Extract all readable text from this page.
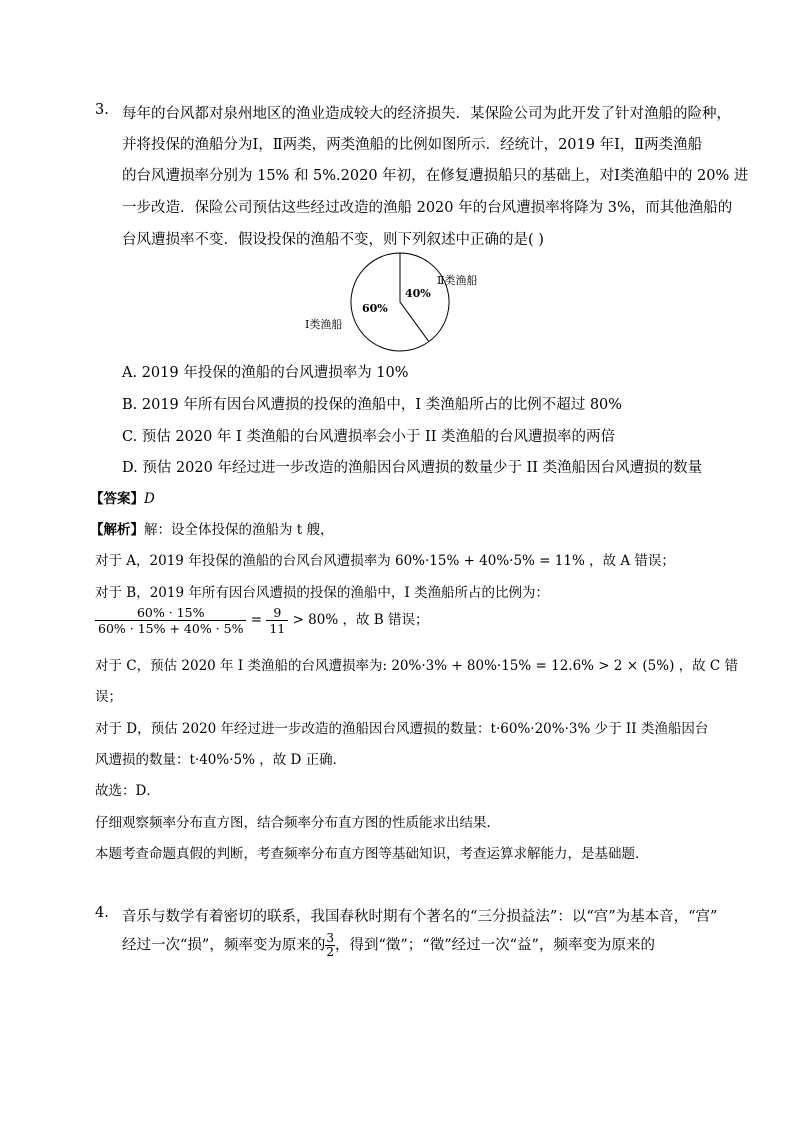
3. 每年的台风都对泉州地区的渔业造成较大的经济损失．某保险公司为此开发了针对渔船的险种，
并将投保的渔船分为Ⅰ，Ⅱ两类，两类渔船的比例如图所示．经统计，2019 年Ⅰ，Ⅱ两类渔船
的台风遭损率分别为 15% 和 5%.2020 年初，在修复遭损船只的基础上，对Ⅰ类渔船中的 20% 进
一步改造．保险公司预估这些经过改造的渔船 2020 年的台风遭损率将降为 3%，而其他渔船的
台风遭损率不变．假设投保的渔船不变，则下列叙述中正确的是( )
Ⅱ类渔船
Ⅰ类渔船
40%
60%
A. 2019 年投保的渔船的台风遭损率为 10%
B. 2019 年所有因台风遭损的投保的渔船中，I 类渔船所占的比例不超过 80%
C. 预估 2020 年 I 类渔船的台风遭损率会小于 II 类渔船的台风遭损率的两倍
D. 预估 2020 年经过进一步改造的渔船因台风遭损的数量少于 II 类渔船因台风遭损的数量
【答案】D
【解析】解：设全体投保的渔船为 t 艘，
对于 A，2019 年投保的渔船的台风台风遭损率为 60%·15% + 40%·5% = 11% ，故 A 错误；
对于 B，2019 年所有因台风遭损的投保的渔船中，I 类渔船所占的比例为：
$\frac{60\% \cdot 15\%}{60\% \cdot 15\% + 40\% \cdot 5\%} = \frac{9}{11} > 80\%$ ，故 B 错误；
对于 C，预估 2020 年 I 类渔船的台风遭损率为: 20%·3% + 80%·15% = 12.6% > 2 × (5%) ，故 C 错
误；
对于 D，预估 2020 年经过进一步改造的渔船因台风遭损的数量：t·60%·20%·3% 少于 II 类渔船因台
风遭损的数量：t·40%·5% ，故 D 正确．
故选：D．
仔细观察频率分布直方图，结合频率分布直方图的性质能求出结果．
本题考查命题真假的判断，考查频率分布直方图等基础知识，考查运算求解能力，是基础题．
4. 音乐与数学有着密切的联系，我国春秋时期有个著名的“三分损益法”：以“宫”为基本音，“宫”
经过一次“损”，频率变为原来的 $\frac{3}{2}$ ，得到“徵”；“徵”经过一次“益”，频率变为原来的
